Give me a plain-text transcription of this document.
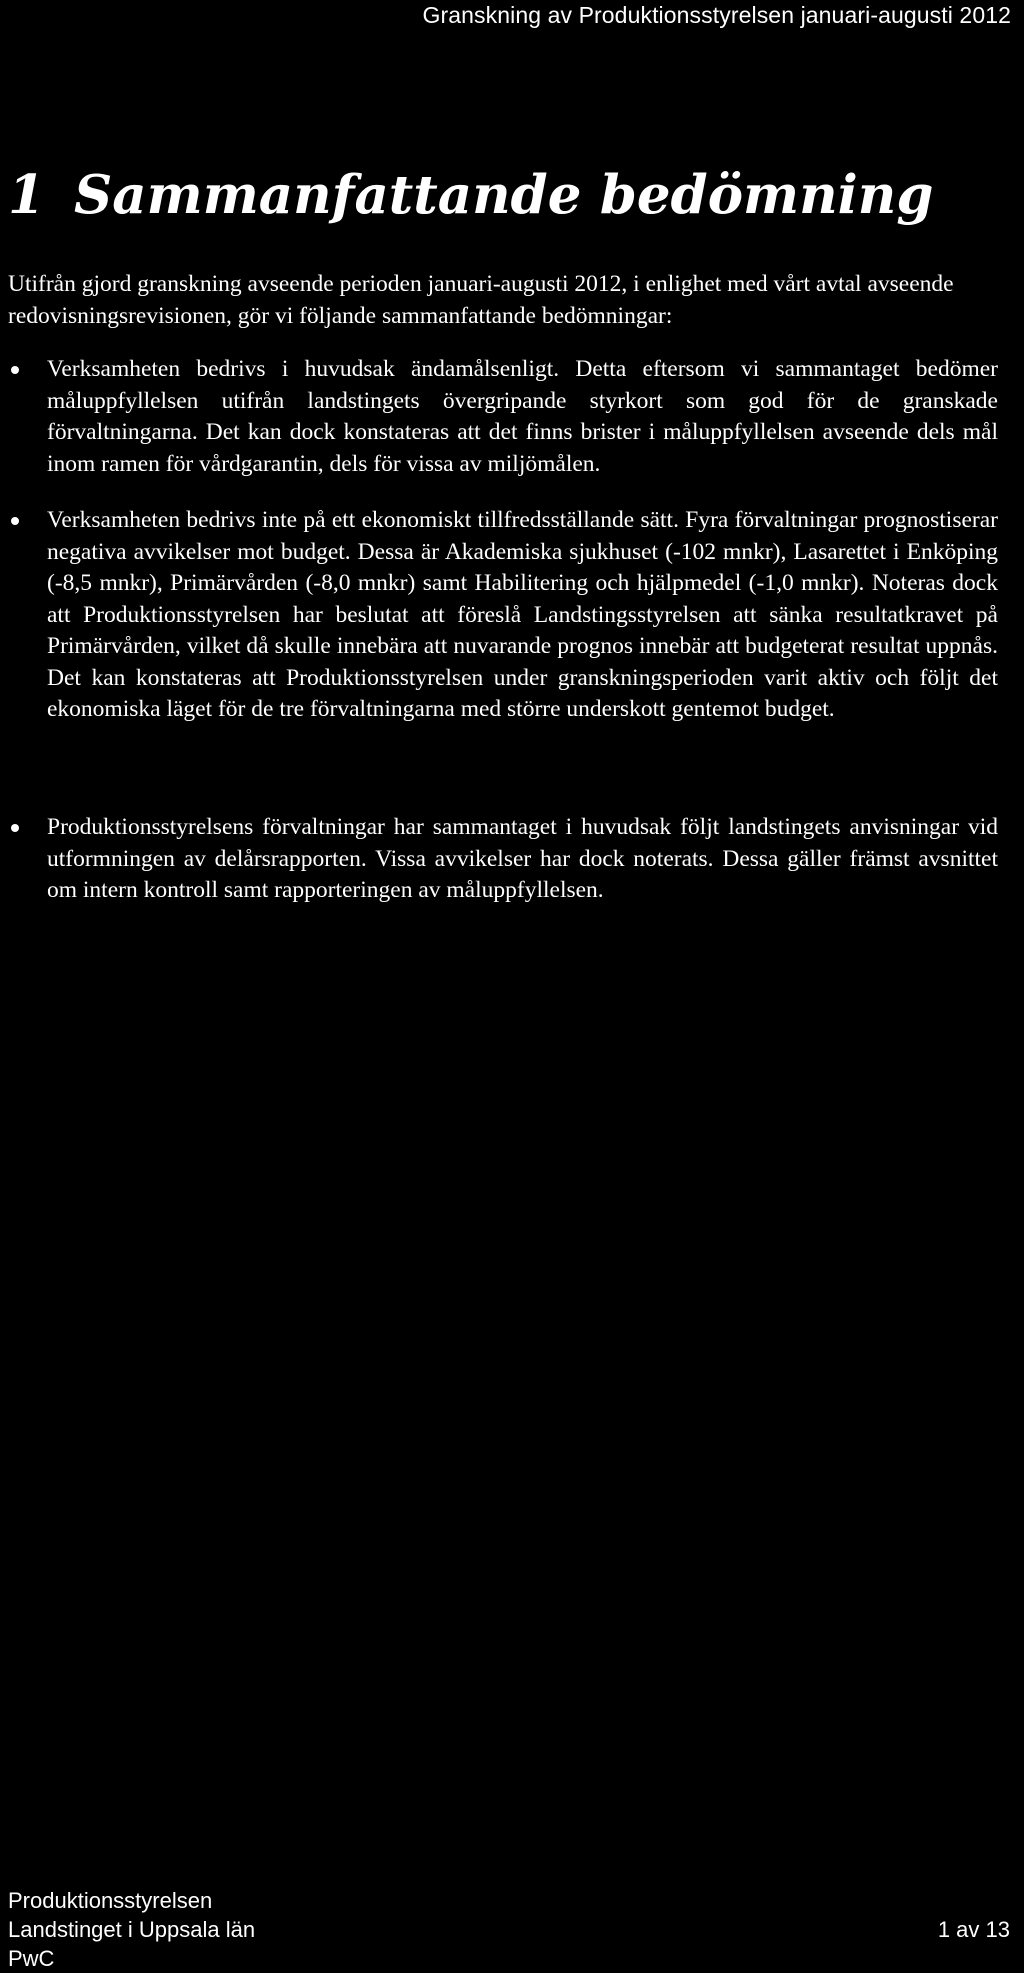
Granskning av Produktionsstyrelsen januari-augusti 2012
1 Sammanfattande bedömning

Utifrån gjord granskning avseende perioden januari-augusti 2012, i enlighet med vårt avtal avseende redovisningsrevisionen, gör vi följande sammanfattande bedömningar:

Verksamheten bedrivs i huvudsak ändamålsenligt. Detta eftersom vi sammantaget bedömer måluppfyllelsen utifrån landstingets övergripande styrkort som god för de granskade förvaltningarna. Det kan dock konstateras att det finns brister i måluppfyllelsen avseende dels mål inom ramen för vårdgarantin, dels för vissa av miljömålen.
Verksamheten bedrivs inte på ett ekonomiskt tillfredsställande sätt. Fyra förvaltningar prognostiserar negativa avvikelser mot budget. Dessa är Akademiska sjukhuset (-102 mnkr), Lasarettet i Enköping (-8,5 mnkr), Primärvården (-8,0 mnkr) samt Habilitering och hjälpmedel (-1,0 mnkr). Noteras dock att Produktionsstyrelsen har beslutat att föreslå Landstingsstyrelsen att sänka resultatkravet på Primärvården, vilket då skulle innebära att nuvarande prognos innebär att budgeterat resultat uppnås. Det kan konstateras att Produktionsstyrelsen under granskningsperioden varit aktiv och följt det ekonomiska läget för de tre förvaltningarna med större underskott gentemot budget.
Produktionsstyrelsens förvaltningar har sammantaget i huvudsak följt landstingets anvisningar vid utformningen av delårsrapporten. Vissa avvikelser har dock noterats. Dessa gäller främst avsnittet om intern kontroll samt rapporteringen av måluppfyllelsen.
Produktionsstyrelsen
Landstinget i Uppsala län
PwC
1 av 13
